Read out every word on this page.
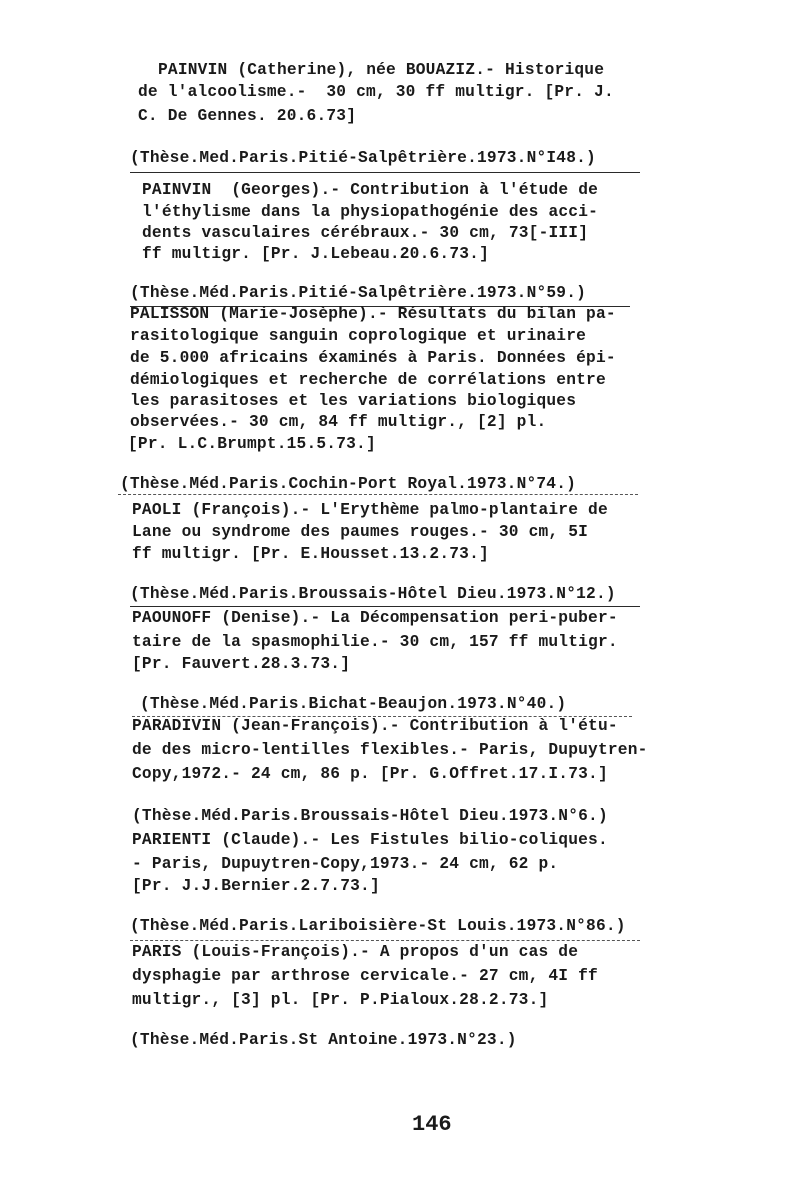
PAINVIN (Catherine), née BOUAZIZ.- Historique
de l'alcoolisme.-  30 cm, 30 ff multigr. [Pr. J.
C. De Gennes. 20.6.73]
(Thèse.Med.Paris.Pitié-Salpêtrière.1973.N°I48.)
PAINVIN  (Georges).- Contribution à l'étude de
l'éthylisme dans la physiopathogénie des acci-
dents vasculaires cérébraux.- 30 cm, 73[-III]
ff multigr. [Pr. J.Lebeau.20.6.73.]
(Thèse.Méd.Paris.Pitié-Salpêtrière.1973.N°59.)
PALISSON (Marie-Josèphe).- Résultats du bilan pa-
rasitologique sanguin coprologique et urinaire
de 5.000 africains éxaminés à Paris. Données épi-
démiologiques et recherche de corrélations entre
les parasitoses et les variations biologiques
observées.- 30 cm, 84 ff multigr., [2] pl.
[Pr. L.C.Brumpt.15.5.73.]
(Thèse.Méd.Paris.Cochin-Port Royal.1973.N°74.)
PAOLI (François).- L'Erythème palmo-plantaire de
Lane ou syndrome des paumes rouges.- 30 cm, 5I
ff multigr. [Pr. E.Housset.13.2.73.]
(Thèse.Méd.Paris.Broussais-Hôtel Dieu.1973.N°12.)
PAOUNOFF (Denise).- La Décompensation peri-puber-
taire de la spasmophilie.- 30 cm, 157 ff multigr.
[Pr. Fauvert.28.3.73.]
(Thèse.Méd.Paris.Bichat-Beaujon.1973.N°40.)
PARADIVIN (Jean-François).- Contribution à l'étu-
de des micro-lentilles flexibles.- Paris, Dupuytren-
Copy,1972.- 24 cm, 86 p. [Pr. G.Offret.17.I.73.]
(Thèse.Méd.Paris.Broussais-Hôtel Dieu.1973.N°6.)
PARIENTI (Claude).- Les Fistules bilio-coliques.
- Paris, Dupuytren-Copy,1973.- 24 cm, 62 p.
[Pr. J.J.Bernier.2.7.73.]
(Thèse.Méd.Paris.Lariboisière-St Louis.1973.N°86.)
PARIS (Louis-François).- A propos d'un cas de
dysphagie par arthrose cervicale.- 27 cm, 4I ff
multigr., [3] pl. [Pr. P.Pialoux.28.2.73.]
(Thèse.Méd.Paris.St Antoine.1973.N°23.)
146
